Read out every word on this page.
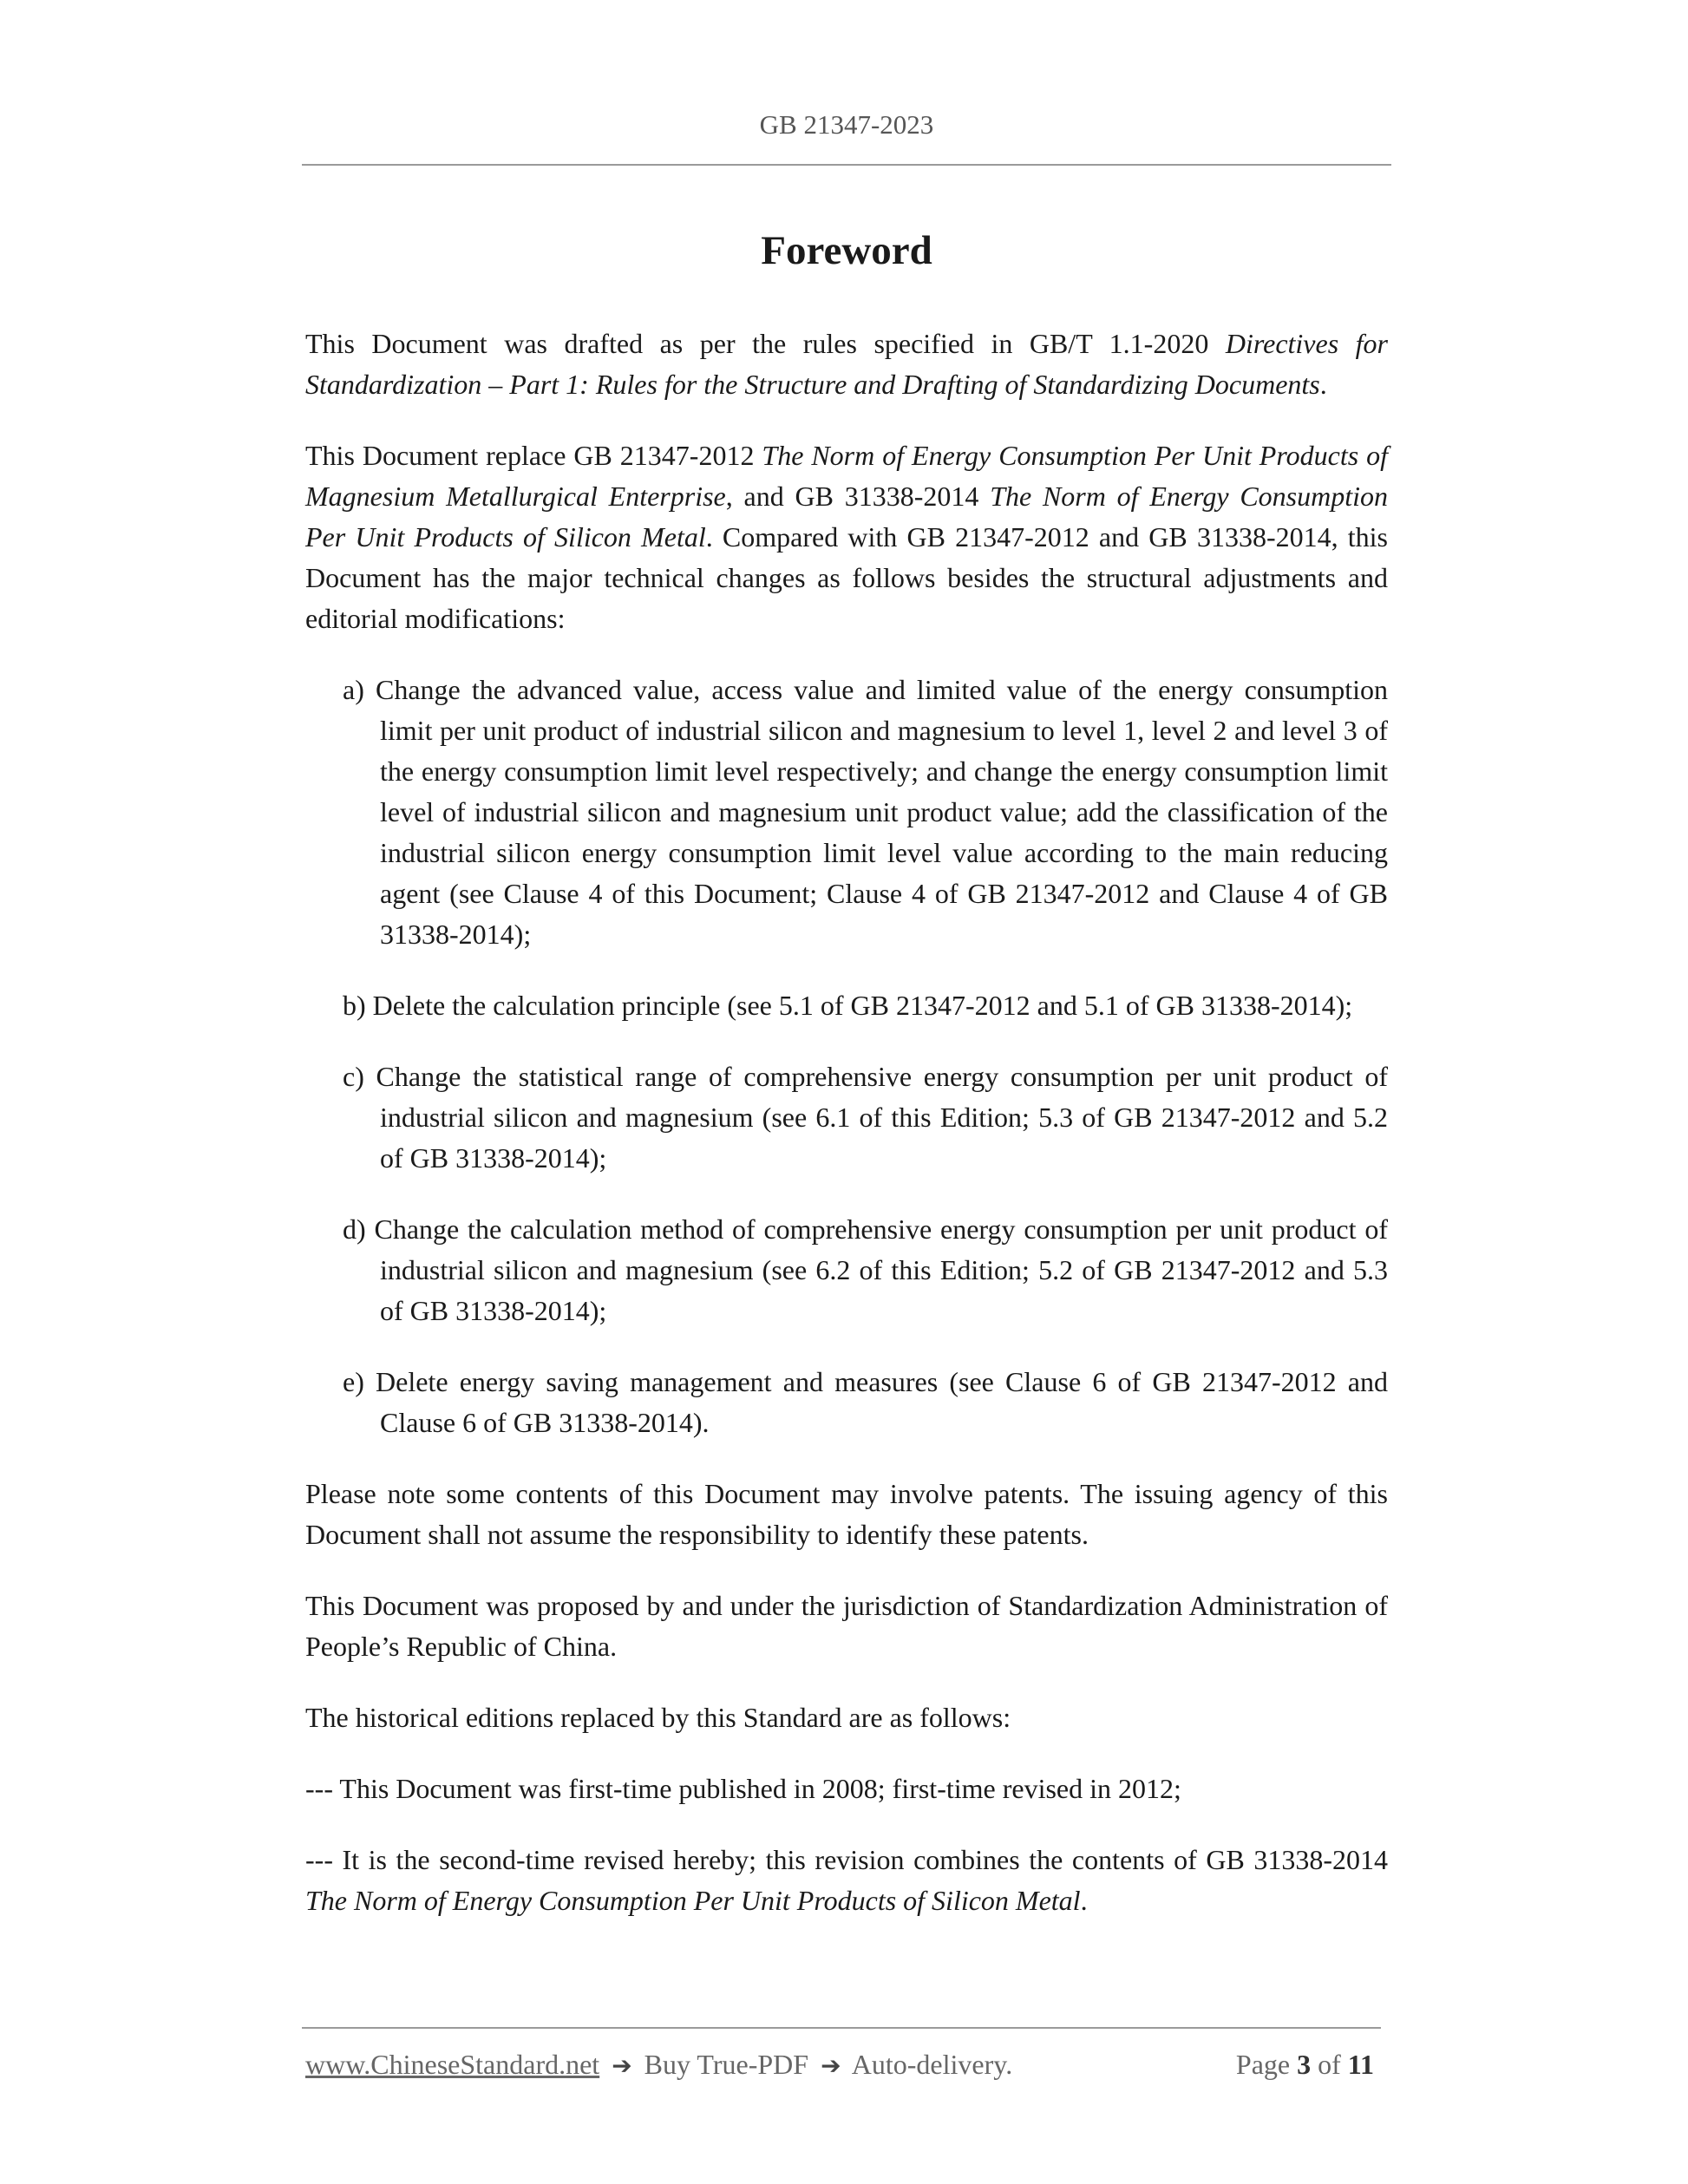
GB 21347-2023
Foreword

This Document was drafted as per the rules specified in GB/T 1.1-2020 Directives for Standardization – Part 1: Rules for the Structure and Drafting of Standardizing Documents.

This Document replace GB 21347-2012 The Norm of Energy Consumption Per Unit Products of Magnesium Metallurgical Enterprise, and GB 31338-2014 The Norm of Energy Consumption Per Unit Products of Silicon Metal. Compared with GB 21347-2012 and GB 31338-2014, this Document has the major technical changes as follows besides the structural adjustments and editorial modifications:

a) Change the advanced value, access value and limited value of the energy consumption limit per unit product of industrial silicon and magnesium to level 1, level 2 and level 3 of the energy consumption limit level respectively; and change the energy consumption limit level of industrial silicon and magnesium unit product value; add the classification of the industrial silicon energy consumption limit level value according to the main reducing agent (see Clause 4 of this Document; Clause 4 of GB 21347-2012 and Clause 4 of GB 31338-2014);
b) Delete the calculation principle (see 5.1 of GB 21347-2012 and 5.1 of GB 31338-2014);
c) Change the statistical range of comprehensive energy consumption per unit product of industrial silicon and magnesium (see 6.1 of this Edition; 5.3 of GB 21347-2012 and 5.2 of GB 31338-2014);
d) Change the calculation method of comprehensive energy consumption per unit product of industrial silicon and magnesium (see 6.2 of this Edition; 5.2 of GB 21347-2012 and 5.3 of GB 31338-2014);
e) Delete energy saving management and measures (see Clause 6 of GB 21347-2012 and Clause 6 of GB 31338-2014).

Please note some contents of this Document may involve patents. The issuing agency of this Document shall not assume the responsibility to identify these patents.

This Document was proposed by and under the jurisdiction of Standardization Administration of People’s Republic of China.

The historical editions replaced by this Standard are as follows:

--- This Document was first-time published in 2008; first-time revised in 2012;

--- It is the second-time revised hereby; this revision combines the contents of GB 31338-2014 The Norm of Energy Consumption Per Unit Products of Silicon Metal.

www.ChineseStandard.net ➔ Buy True-PDF ➔ Auto-delivery.	Page 3 of 11
